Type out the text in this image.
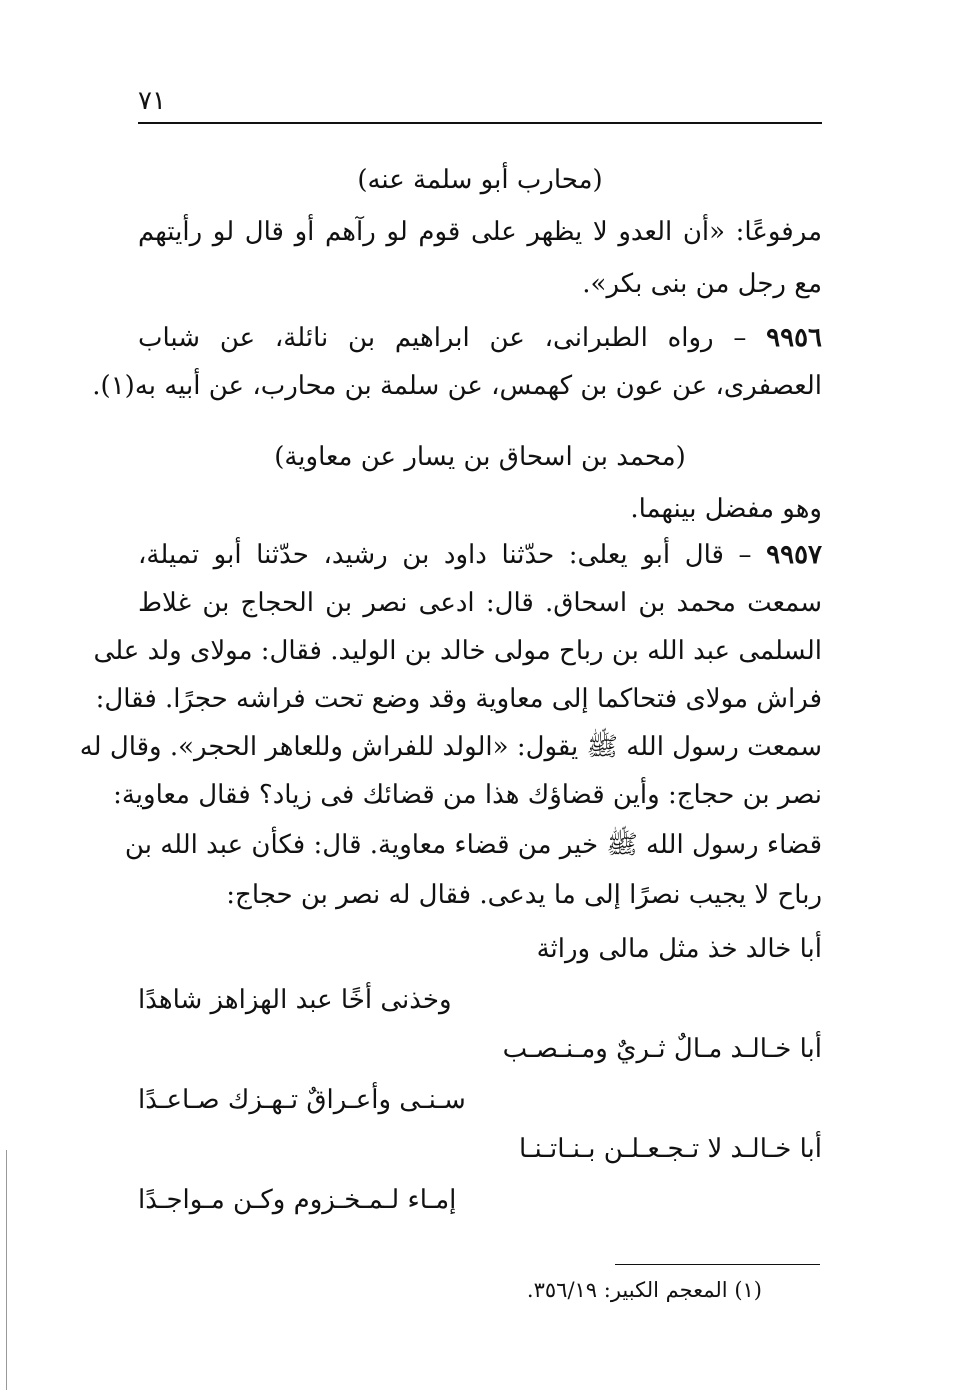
٧١
(محارب أبو سلمة عنه)
مرفوعًا: «أن العدو لا يظهر على قوم لو رآهم أو قال لو رأيتهم
مع رجل من بنى بكر».
٩٩٥٦ – رواه الطبرانى، عن ابراهيم بن نائلة، عن شباب
العصفرى، عن عون بن كهمس، عن سلمة بن محارب، عن أبيه به(١).
(محمد بن اسحاق بن يسار عن معاوية)
وهو مفضل بينهما.
٩٩٥٧ – قال أبو يعلى: حدّثنا داود بن رشيد، حدّثنا أبو تميلة،
سمعت محمد بن اسحاق. قال: ادعى نصر بن الحجاج بن غلاط
السلمى عبد الله بن رباح مولى خالد بن الوليد. فقال: مولاى ولد على
فراش مولاى فتحاكما إلى معاوية وقد وضع تحت فراشه حجرًا. فقال:
سمعت رسول الله ﷺ يقول: «الولد للفراش وللعاهر الحجر». وقال له
نصر بن حجاج: وأين قضاؤك هذا من قضائك فى زياد؟ فقال معاوية:
قضاء رسول الله ﷺ خير من قضاء معاوية. قال: فكأن عبد الله بن
رباح لا يجيب نصرًا إلى ما يدعى. فقال له نصر بن حجاج:
أبا خالد خذ مثل مالى وراثة
وخذنى أخًا عبد الهزاهز شاهدًا
أبا خـالـد مـالٌ ثـريٌ ومـنـصـب
سـنـى وأعـراقٌ تـهـزك صـاعـدًا
أبا خـالـد لا تـجـعـلـن بـنـاتـنـا
إمـاء لـمـخـزوم وكـن مـواجـدًا
(١) المعجم الكبير: ٣٥٦/١٩.
